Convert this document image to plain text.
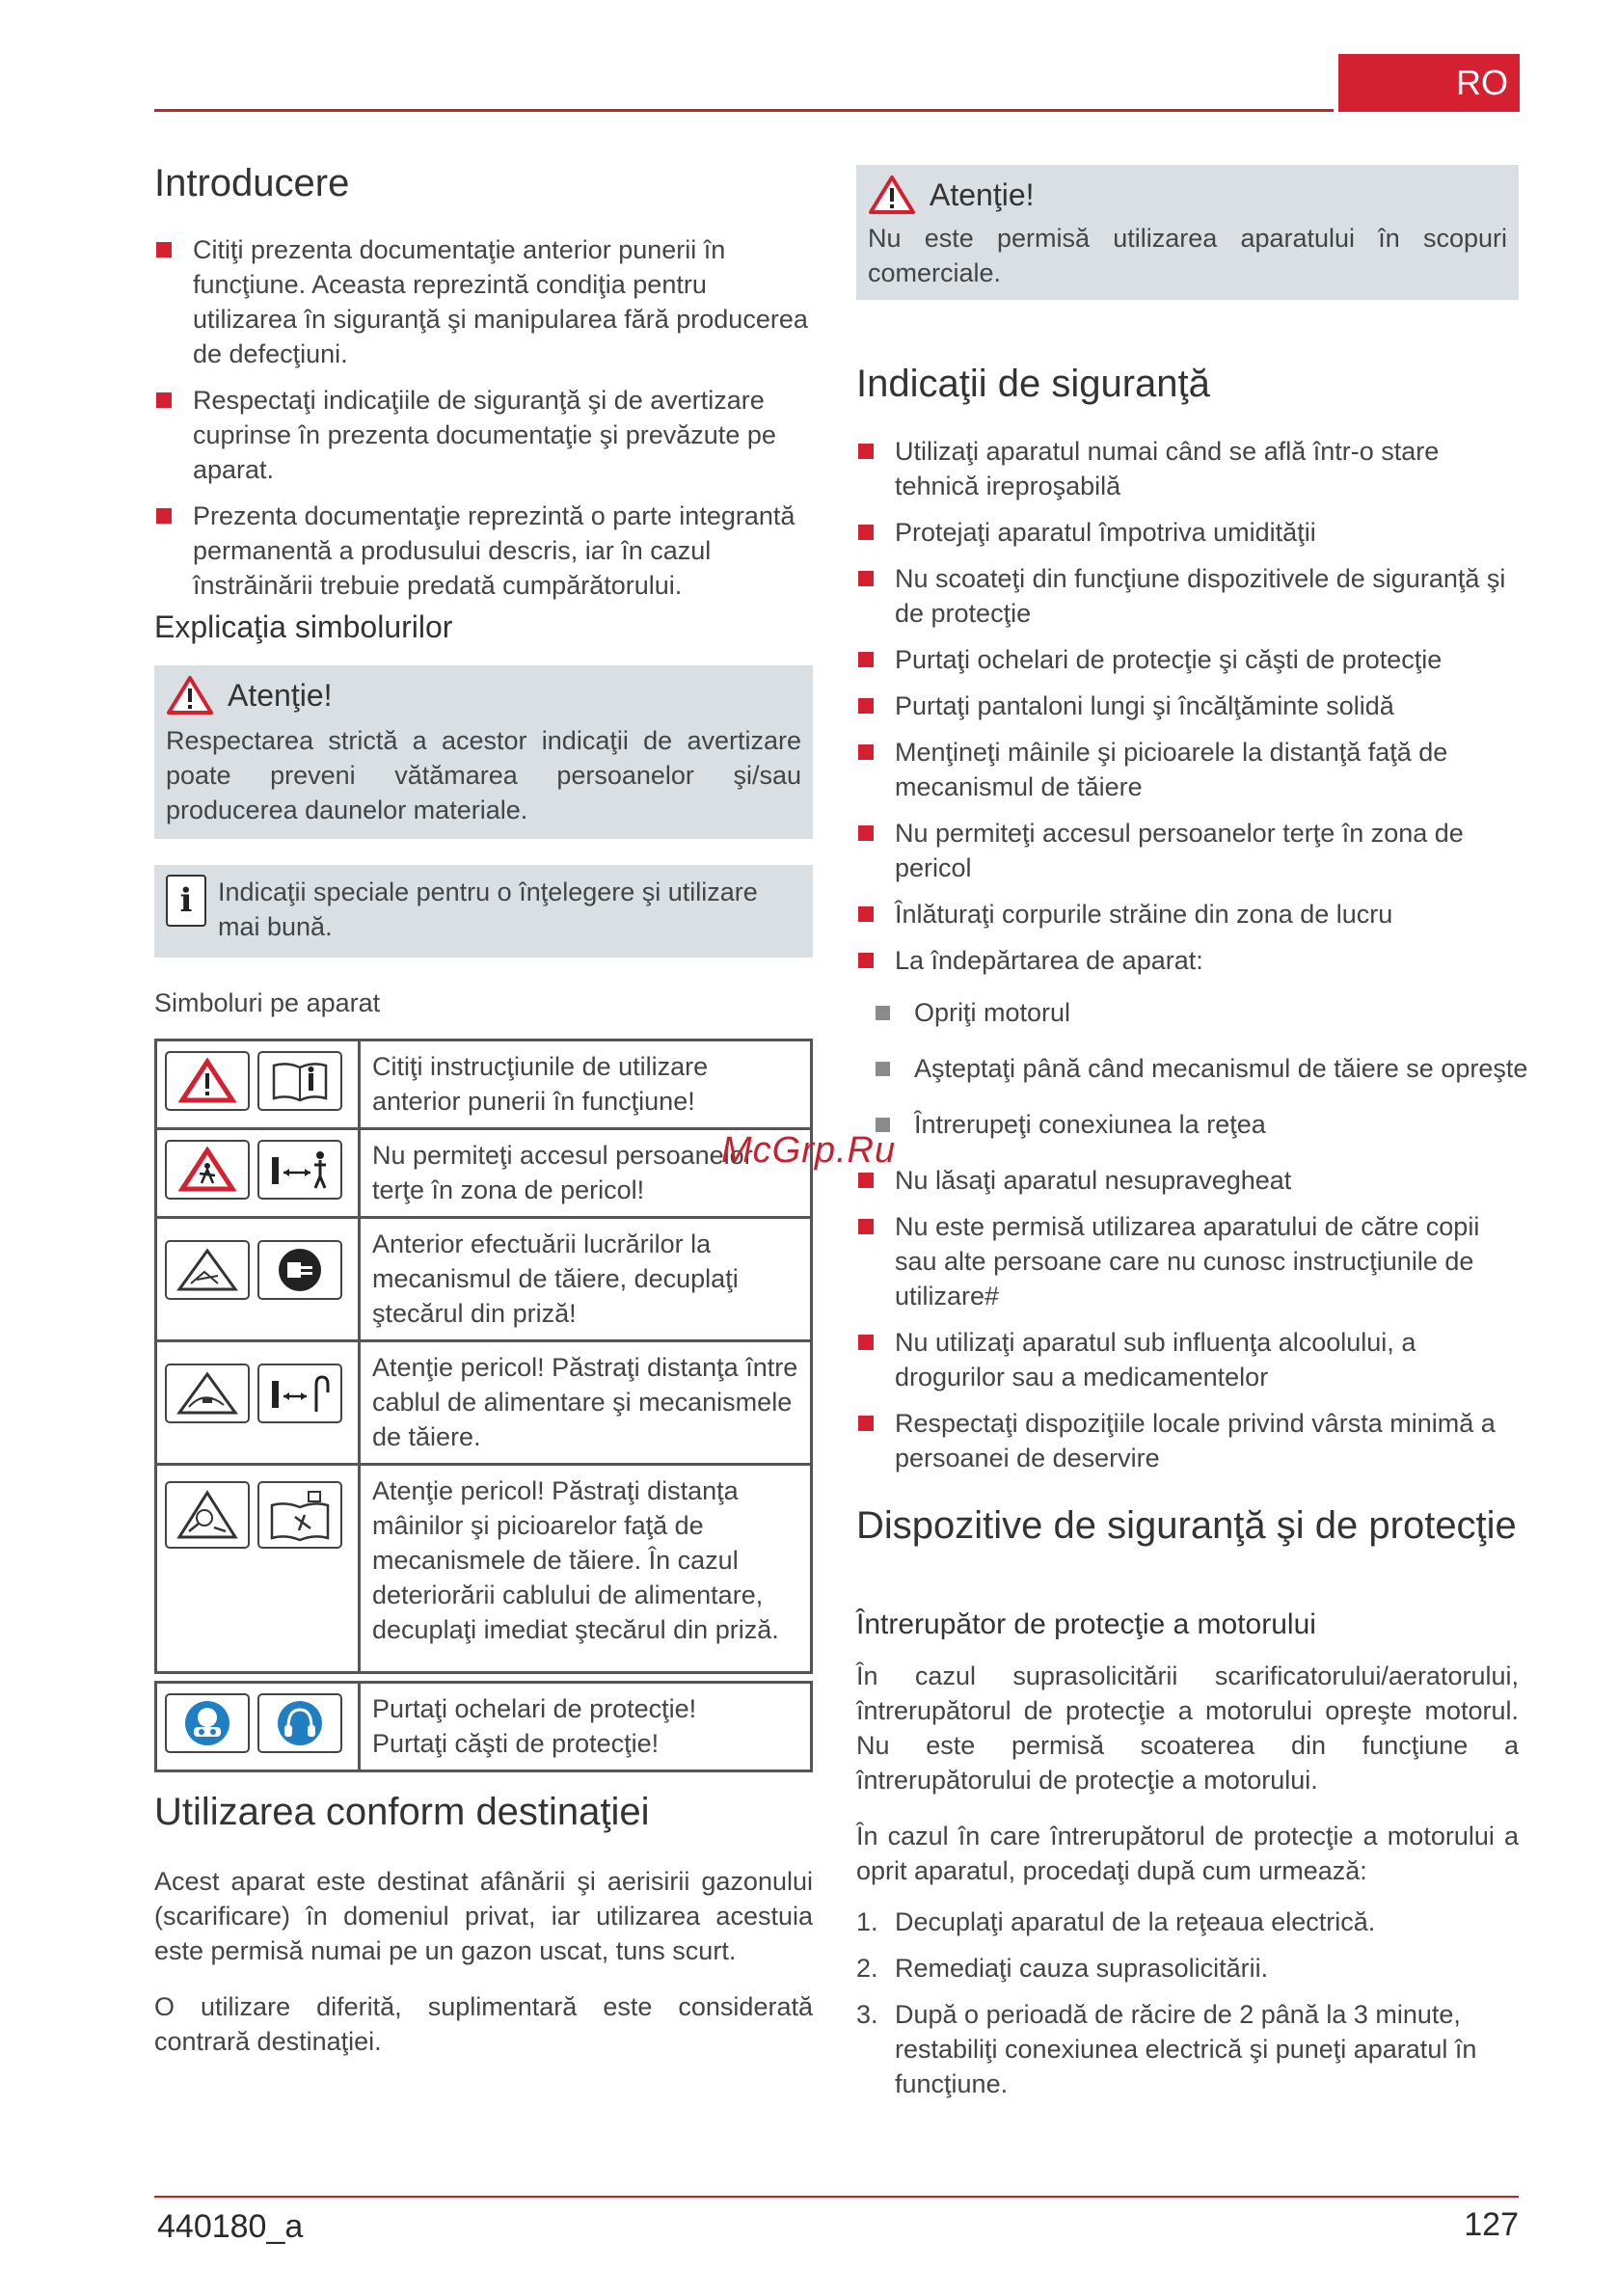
RO
440180_a	127
Introducere
Citiţi prezenta documentaţie anterior punerii în funcţiune. Aceasta reprezintă condiţia pentru utilizarea în siguranţă şi manipularea fără producerea de defecţiuni.
Respectaţi indicaţiile de siguranţă şi de avertizare cuprinse în prezenta documentaţie şi prevăzute pe aparat.
Prezenta documentaţie reprezintă o parte integrantă permanentă a produsului descris, iar în cazul înstrăinării trebuie predată cumpărătorului.
Explicaţia simbolurilor
Atenţie!
Respectarea strictă a acestor indicaţii de avertizare poate preveni vătămarea persoanelor şi/sau producerea daunelor materiale.
i Indicaţii speciale pentru o înţelegere şi utilizare mai bună.
Simboluri pe aparat
	Citiţi instrucţiunile de utilizare anterior punerii în funcţiune!

	Nu permiteţi accesul persoanelor terţe în zona de pericol!

	Anterior efectuării lucrărilor la mecanismul de tăiere, decuplaţi ştecărul din priză!

	Atenţie pericol! Păstraţi distanţa între cablul de alimentare şi mecanismele de tăiere.

	Atenţie pericol! Păstraţi distanţa mâinilor şi picioarelor faţă de mecanismele de tăiere. În cazul deteriorării cablului de alimentare, decuplaţi imediat ştecărul din priză.

Purtaţi ochelari de protecţie!
Purtaţi căşti de protecţie!
Utilizarea conform destinaţiei
Acest aparat este destinat afânării şi aerisirii gazonului (scarificare) în domeniul privat, iar utilizarea acestuia este permisă numai pe un gazon uscat, tuns scurt.
O utilizare diferită, suplimentară este considerată contrară destinaţiei.
Atenţie!
Nu este permisă utilizarea aparatului în scopuri comerciale.
Indicaţii de siguranţă
Utilizaţi aparatul numai când se află într-o stare tehnică ireproşabilă
Protejaţi aparatul împotriva umidităţii
Nu scoateţi din funcţiune dispozitivele de siguranţă şi de protecţie
Purtaţi ochelari de protecţie şi căşti de protecţie
Purtaţi pantaloni lungi şi încălţăminte solidă
Menţineţi mâinile şi picioarele la distanţă faţă de mecanismul de tăiere
Nu permiteţi accesul persoanelor terţe în zona de pericol
Înlăturaţi corpurile străine din zona de lucru
La îndepărtarea de aparat:
Opriţi motorul
Aşteptaţi până când mecanismul de tăiere se opreşte
Întrerupeţi conexiunea la reţea
Nu lăsaţi aparatul nesupravegheat
Nu este permisă utilizarea aparatului de către copii sau alte persoane care nu cunosc instrucţiunile de utilizare#
Nu utilizaţi aparatul sub influenţa alcoolului, a drogurilor sau a medicamentelor
Respectaţi dispoziţiile locale privind vârsta minimă a persoanei de deservire
McGrp.Ru
Dispozitive de siguranţă şi de protecţie
Întrerupător de protecţie a motorului
În cazul suprasolicitării scarificatorului/aeratorului, întrerupătorul de protecţie a motorului opreşte motorul. Nu este permisă scoaterea din funcţiune a întrerupătorului de protecţie a motorului.
În cazul în care întrerupătorul de protecţie a motorului a oprit aparatul, procedaţi după cum urmează:
1. Decuplaţi aparatul de la reţeaua electrică.
2. Remediaţi cauza suprasolicitării.
3. După o perioadă de răcire de 2 până la 3 minute, restabiliţi conexiunea electrică şi puneţi aparatul în funcţiune.
